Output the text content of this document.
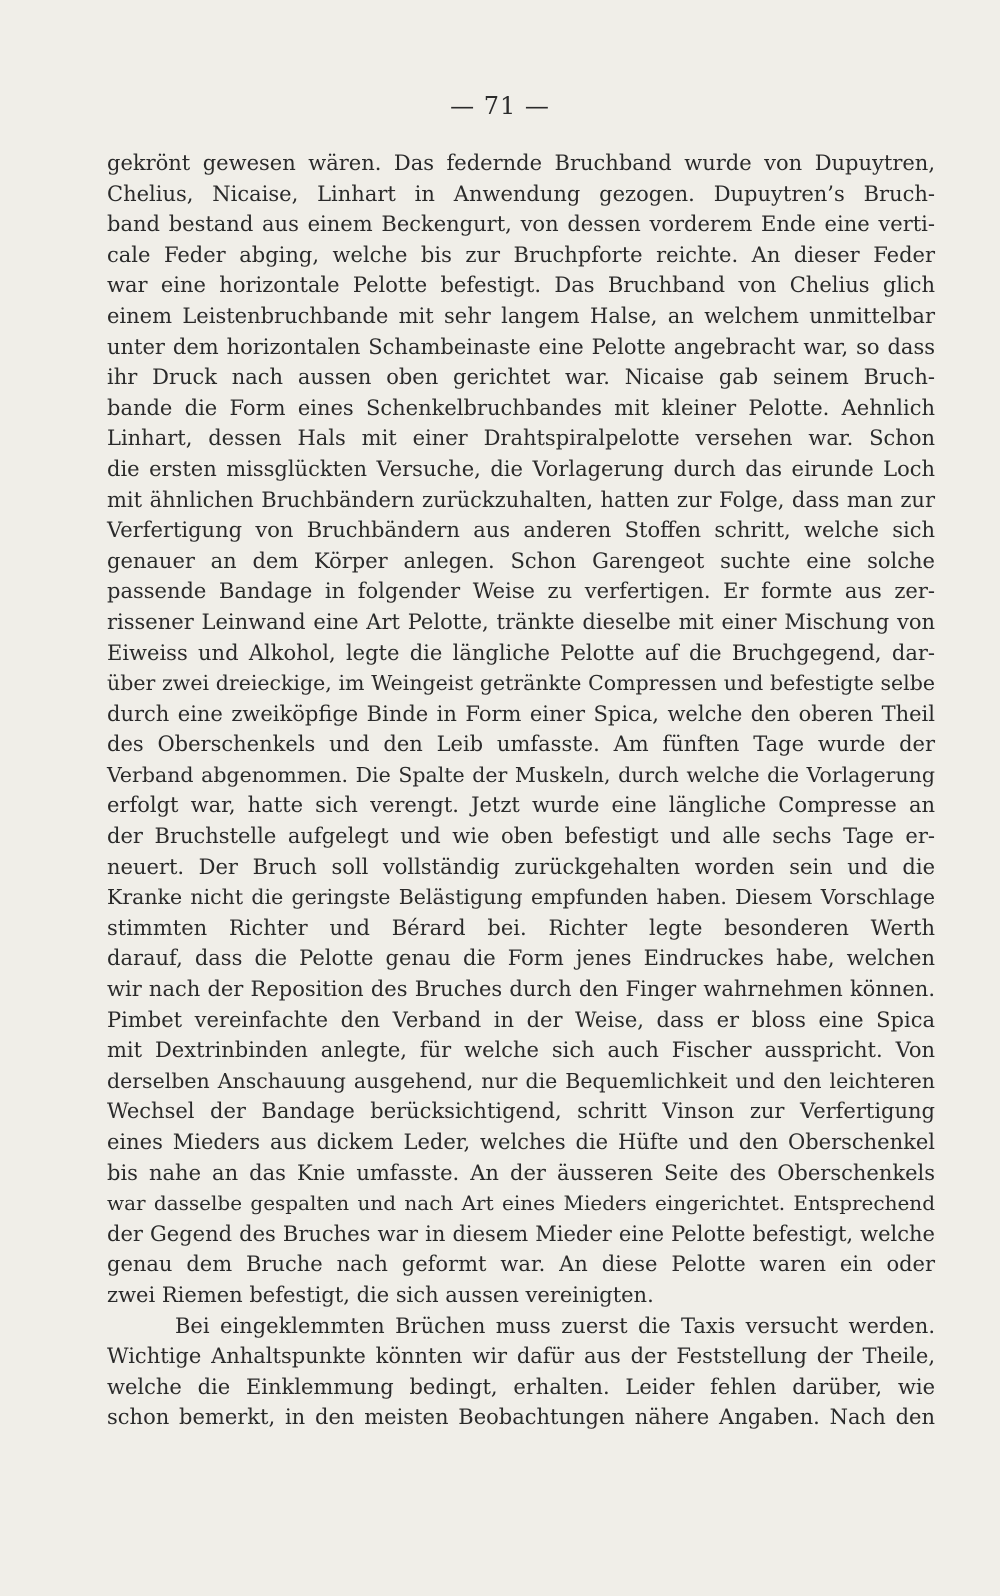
— 71 —
gekrönt gewesen wären. Das federnde Bruchband wurde von Dupuytren,
Chelius, Nicaise, Linhart in Anwendung gezogen. Dupuytren’s Bruch-
band bestand aus einem Beckengurt, von dessen vorderem Ende eine verti-
cale Feder abging, welche bis zur Bruchpforte reichte. An dieser Feder
war eine horizontale Pelotte befestigt. Das Bruchband von Chelius glich
einem Leistenbruchbande mit sehr langem Halse, an welchem unmittelbar
unter dem horizontalen Schambeinaste eine Pelotte angebracht war, so dass
ihr Druck nach aussen oben gerichtet war. Nicaise gab seinem Bruch-
bande die Form eines Schenkelbruchbandes mit kleiner Pelotte. Aehnlich
Linhart, dessen Hals mit einer Drahtspiralpelotte versehen war. Schon
die ersten missglückten Versuche, die Vorlagerung durch das eirunde Loch
mit ähnlichen Bruchbändern zurückzuhalten, hatten zur Folge, dass man zur
Verfertigung von Bruchbändern aus anderen Stoffen schritt, welche sich
genauer an dem Körper anlegen. Schon Garengeot suchte eine solche
passende Bandage in folgender Weise zu verfertigen. Er formte aus zer-
rissener Leinwand eine Art Pelotte, tränkte dieselbe mit einer Mischung von
Eiweiss und Alkohol, legte die längliche Pelotte auf die Bruchgegend, dar-
über zwei dreieckige, im Weingeist getränkte Compressen und befestigte selbe
durch eine zweiköpfige Binde in Form einer Spica, welche den oberen Theil
des Oberschenkels und den Leib umfasste. Am fünften Tage wurde der
Verband abgenommen. Die Spalte der Muskeln, durch welche die Vorlagerung
erfolgt war, hatte sich verengt. Jetzt wurde eine längliche Compresse an
der Bruchstelle aufgelegt und wie oben befestigt und alle sechs Tage er-
neuert. Der Bruch soll vollständig zurückgehalten worden sein und die
Kranke nicht die geringste Belästigung empfunden haben. Diesem Vorschlage
stimmten Richter und Bérard bei. Richter legte besonderen Werth
darauf, dass die Pelotte genau die Form jenes Eindruckes habe, welchen
wir nach der Reposition des Bruches durch den Finger wahrnehmen können.
Pimbet vereinfachte den Verband in der Weise, dass er bloss eine Spica
mit Dextrinbinden anlegte, für welche sich auch Fischer ausspricht. Von
derselben Anschauung ausgehend, nur die Bequemlichkeit und den leichteren
Wechsel der Bandage berücksichtigend, schritt Vinson zur Verfertigung
eines Mieders aus dickem Leder, welches die Hüfte und den Oberschenkel
bis nahe an das Knie umfasste. An der äusseren Seite des Oberschenkels
war dasselbe gespalten und nach Art eines Mieders eingerichtet. Entsprechend
der Gegend des Bruches war in diesem Mieder eine Pelotte befestigt, welche
genau dem Bruche nach geformt war. An diese Pelotte waren ein oder
zwei Riemen befestigt, die sich aussen vereinigten.
Bei eingeklemmten Brüchen muss zuerst die Taxis versucht werden.
Wichtige Anhaltspunkte könnten wir dafür aus der Feststellung der Theile,
welche die Einklemmung bedingt, erhalten. Leider fehlen darüber, wie
schon bemerkt, in den meisten Beobachtungen nähere Angaben. Nach den
